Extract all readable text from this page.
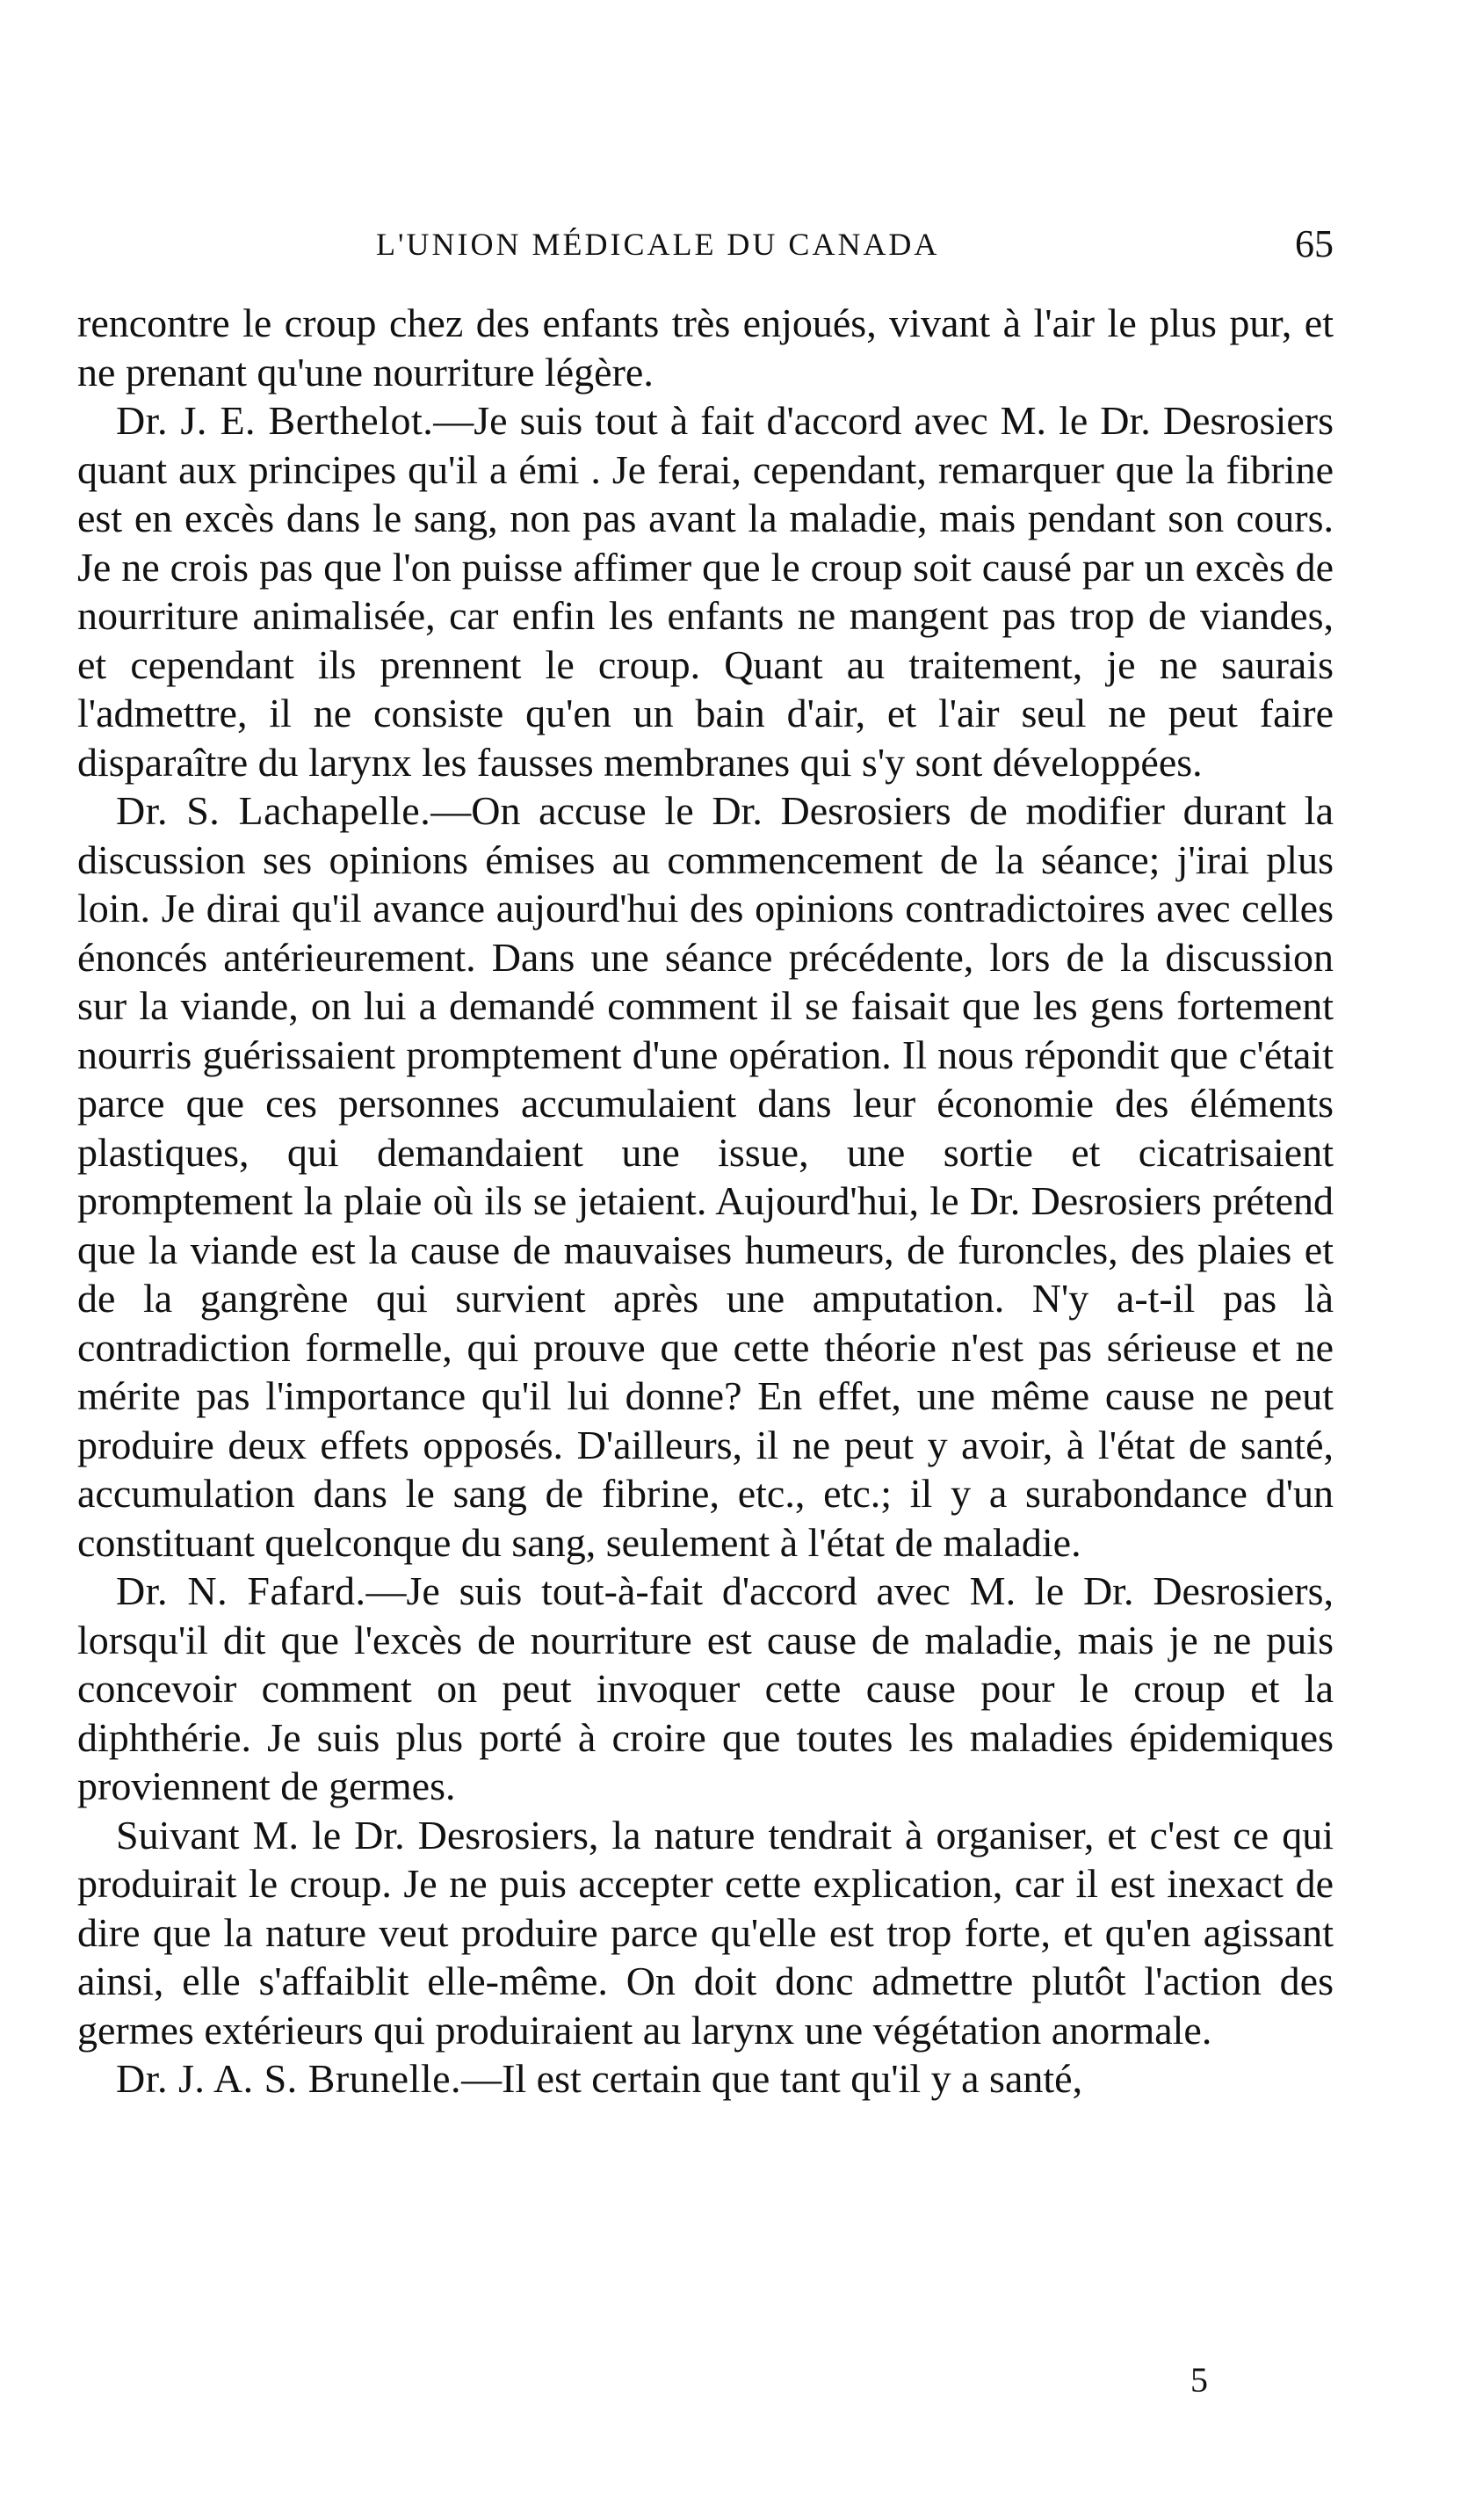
L'UNION MÉDICALE DU CANADA	65

rencontre le croup chez des enfants très enjoués, vivant à l'air le plus pur, et ne prenant qu'une nourriture légère.

Dr. J. E. Berthelot.—Je suis tout à fait d'accord avec M. le Dr. Desrosiers quant aux principes qu'il a émi . Je ferai, cependant, remarquer que la fibrine est en excès dans le sang, non pas avant la maladie, mais pendant son cours. Je ne crois pas que l'on puisse affimer que le croup soit causé par un excès de nourriture animalisée, car enfin les enfants ne mangent pas trop de viandes, et cependant ils prennent le croup. Quant au traitement, je ne saurais l'admettre, il ne consiste qu'en un bain d'air, et l'air seul ne peut faire disparaître du larynx les fausses membranes qui s'y sont développées.

Dr. S. Lachapelle.—On accuse le Dr. Desrosiers de modifier durant la discussion ses opinions émises au commencement de la séance; j'irai plus loin. Je dirai qu'il avance aujourd'hui des opinions contradictoires avec celles énoncés antérieurement. Dans une séance précédente, lors de la discussion sur la viande, on lui a demandé comment il se faisait que les gens fortement nourris guérissaient promptement d'une opération. Il nous répondit que c'était parce que ces personnes accumulaient dans leur économie des éléments plastiques, qui demandaient une issue, une sortie et cicatrisaient promptement la plaie où ils se jetaient. Aujourd'hui, le Dr. Desrosiers prétend que la viande est la cause de mauvaises humeurs, de furoncles, des plaies et de la gangrène qui survient après une amputation. N'y a-t-il pas là contradiction formelle, qui prouve que cette théorie n'est pas sérieuse et ne mérite pas l'importance qu'il lui donne? En effet, une même cause ne peut produire deux effets opposés. D'ailleurs, il ne peut y avoir, à l'état de santé, accumulation dans le sang de fibrine, etc., etc.; il y a surabondance d'un constituant quelconque du sang, seulement à l'état de maladie.

Dr. N. Fafard.—Je suis tout-à-fait d'accord avec M. le Dr. Desrosiers, lorsqu'il dit que l'excès de nourriture est cause de maladie, mais je ne puis concevoir comment on peut invoquer cette cause pour le croup et la diphthérie. Je suis plus porté à croire que toutes les maladies épidemiques proviennent de germes.

Suivant M. le Dr. Desrosiers, la nature tendrait à organiser, et c'est ce qui produirait le croup. Je ne puis accepter cette explication, car il est inexact de dire que la nature veut produire parce qu'elle est trop forte, et qu'en agissant ainsi, elle s'affaiblit elle-même. On doit donc admettre plutôt l'action des germes extérieurs qui produiraient au larynx une végétation anormale.

Dr. J. A. S. Brunelle.—Il est certain que tant qu'il y a santé,

5
